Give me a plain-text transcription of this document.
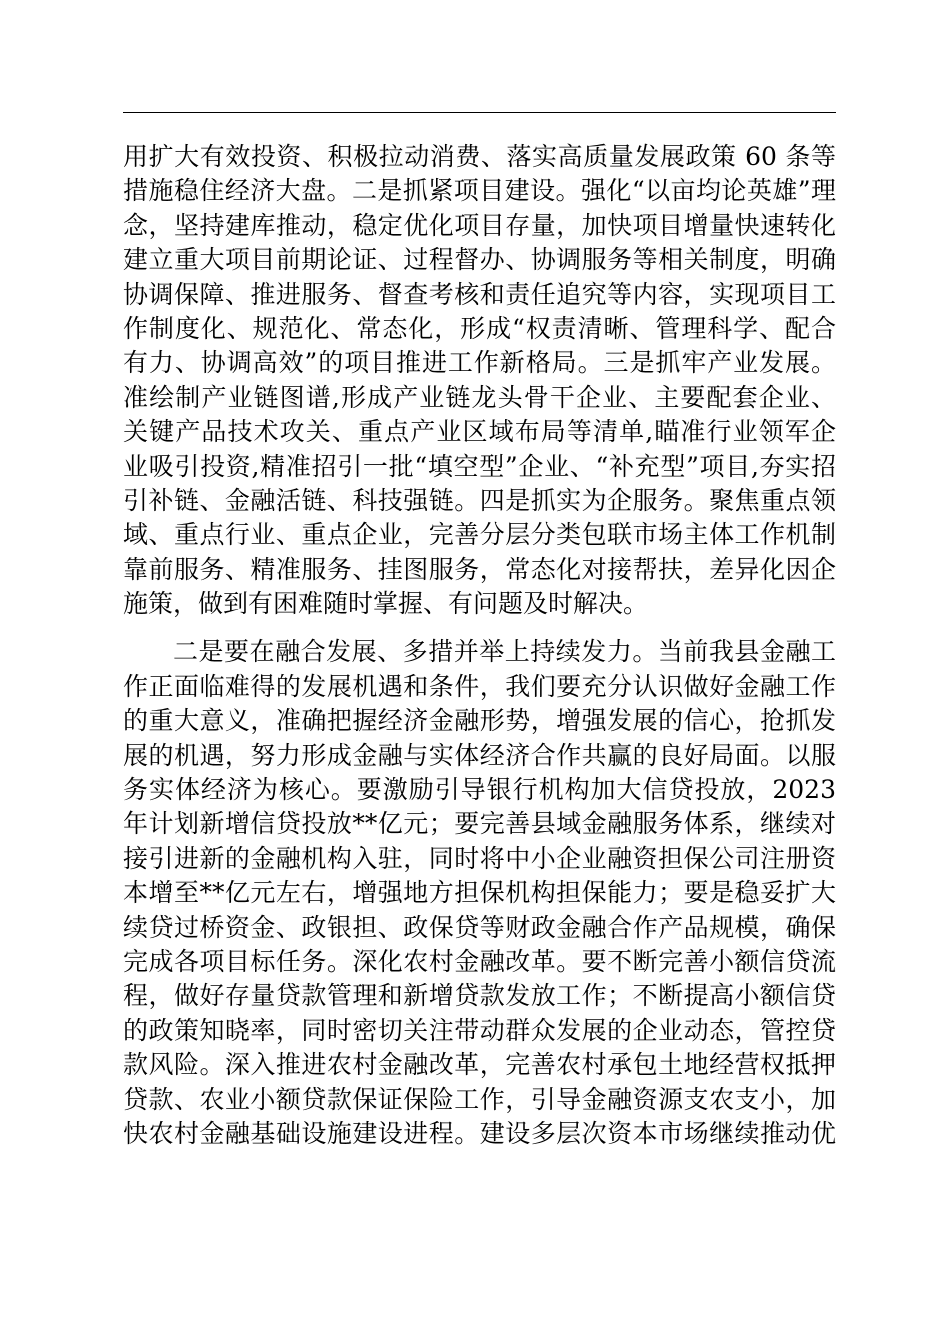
用扩大有效投资、积极拉动消费、落实高质量发展政策 60 条等
措施稳住经济大盘。二是抓紧项目建设。强化“以亩均论英雄”理
念，坚持建库推动，稳定优化项目存量，加快项目增量快速转化
建立重大项目前期论证、过程督办、协调服务等相关制度，明确
协调保障、推进服务、督查考核和责任追究等内容，实现项目工
作制度化、规范化、常态化，形成“权责清晰、管理科学、配合
有力、协调高效”的项目推进工作新格局。三是抓牢产业发展。
准绘制产业链图谱,形成产业链龙头骨干企业、主要配套企业、
关键产品技术攻关、重点产业区域布局等清单,瞄准行业领军企
业吸引投资,精准招引一批“填空型”企业、“补充型”项目,夯实招
引补链、金融活链、科技强链。四是抓实为企服务。聚焦重点领
域、重点行业、重点企业，完善分层分类包联市场主体工作机制
靠前服务、精准服务、挂图服务，常态化对接帮扶，差异化因企
施策，做到有困难随时掌握、有问题及时解决。
二是要在融合发展、多措并举上持续发力。当前我县金融工
作正面临难得的发展机遇和条件，我们要充分认识做好金融工作
的重大意义，准确把握经济金融形势，增强发展的信心，抢抓发
展的机遇，努力形成金融与实体经济合作共赢的良好局面。以服
务实体经济为核心。要激励引导银行机构加大信贷投放，2023
年计划新增信贷投放**亿元；要完善县域金融服务体系，继续对
接引进新的金融机构入驻，同时将中小企业融资担保公司注册资
本增至**亿元左右，增强地方担保机构担保能力；要是稳妥扩大
续贷过桥资金、政银担、政保贷等财政金融合作产品规模，确保
完成各项目标任务。深化农村金融改革。要不断完善小额信贷流
程，做好存量贷款管理和新增贷款发放工作；不断提高小额信贷
的政策知晓率，同时密切关注带动群众发展的企业动态，管控贷
款风险。深入推进农村金融改革，完善农村承包土地经营权抵押
贷款、农业小额贷款保证保险工作，引导金融资源支农支小，加
快农村金融基础设施建设进程。建设多层次资本市场继续推动优
